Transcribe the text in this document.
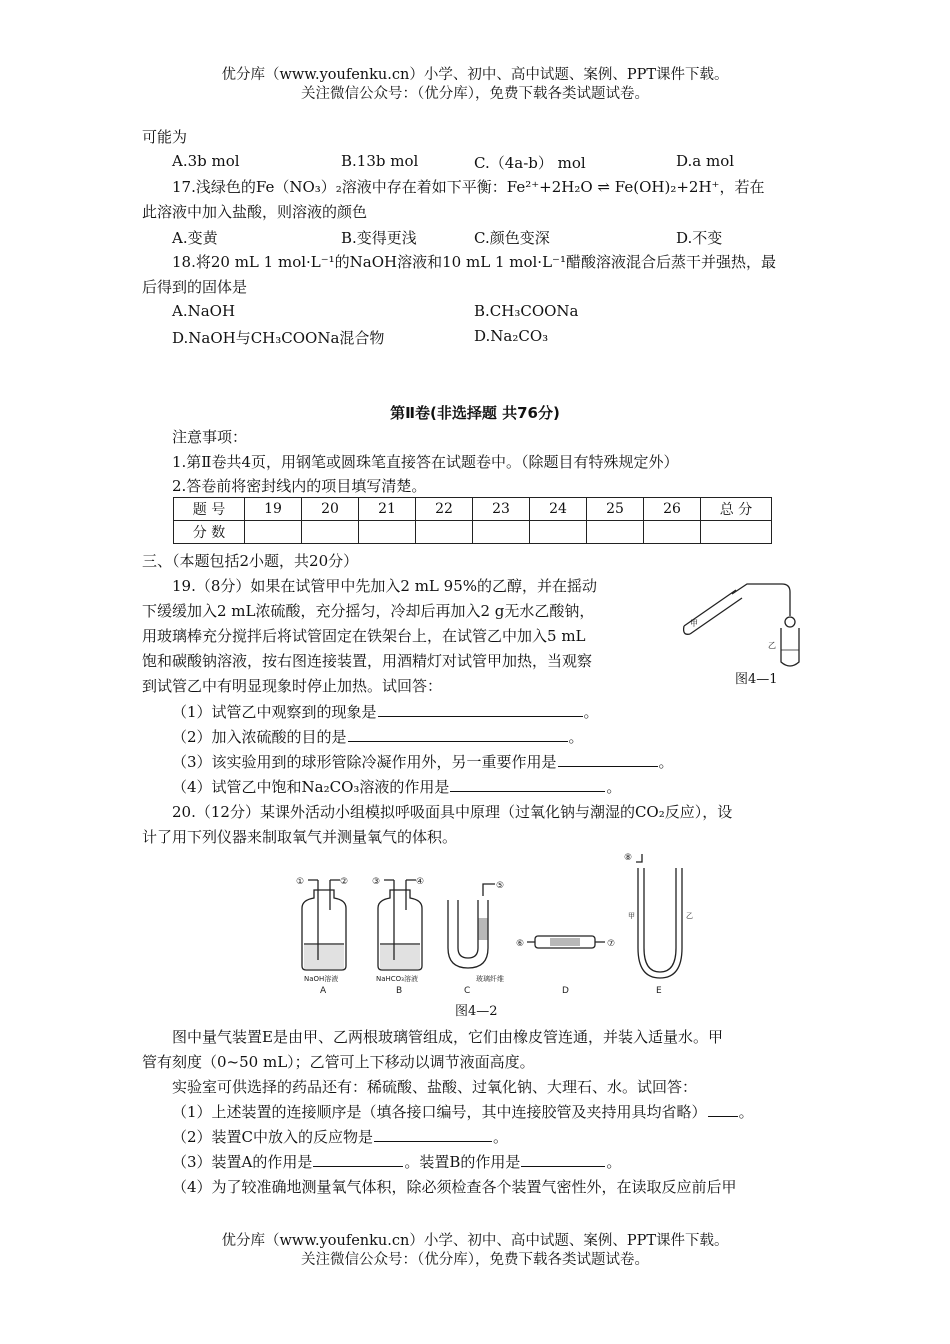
优分库（www.youfenku.cn）小学、初中、高中试题、案例、PPT课件下载。
关注微信公众号：（优分库），免费下载各类试题试卷。
可能为
A.3b mol	B.13b mol	C.（4a-b） mol	D.a mol
17.浅绿色的Fe（NO₃）₂溶液中存在着如下平衡：Fe²⁺+2H₂O ⇌ Fe(OH)₂+2H⁺，若在
此溶液中加入盐酸，则溶液的颜色
A.变黄	B.变得更浅	C.颜色变深	D.不变
18.将20 mL 1 mol·L⁻¹的NaOH溶液和10 mL 1 mol·L⁻¹醋酸溶液混合后蒸干并强热，最
后得到的固体是
A.NaOH	B.CH₃COONa
D.NaOH与CH₃COONa混合物	D.Na₂CO₃
第Ⅱ卷(非选择题 共76分)
注意事项：
1.第Ⅱ卷共4页，用钢笔或圆珠笔直接答在试题卷中。（除题目有特殊规定外）
2.答卷前将密封线内的项目填写清楚。
题 号	19	20	21	22	23	24	25	26	总 分
分 数									
三、（本题包括2小题，共20分）
19.（8分）如果在试管甲中先加入2 mL 95%的乙醇，并在摇动
下缓缓加入2 mL浓硫酸，充分摇匀，冷却后再加入2 g无水乙酸钠，
用玻璃棒充分搅拌后将试管固定在铁架台上，在试管乙中加入5 mL
饱和碳酸钠溶液，按右图连接装置，用酒精灯对试管甲加热，当观察
到试管乙中有明显现象时停止加热。试回答：
甲
乙
图4—1
（1）试管乙中观察到的现象是	。
（2）加入浓硫酸的目的是	。
（3）该实验用到的球形管除冷凝作用外，另一重要作用是	。
（4）试管乙中饱和Na₂CO₃溶液的作用是	。
20.（12分）某课外活动小组模拟呼吸面具中原理（过氧化钠与潮湿的CO₂反应），设
计了用下列仪器来制取氧气并测量氧气的体积。
①	②	③	④	⑤
⑥	⑦
⑧
NaOH溶液	NaHCO₃溶液	玻璃纤维
甲	乙
A	B	C	D	E
图4—2
图中量气装置E是由甲、乙两根玻璃管组成，它们由橡皮管连通，并装入适量水。甲
管有刻度（0~50 mL）；乙管可上下移动以调节液面高度。
实验室可供选择的药品还有：稀硫酸、盐酸、过氧化钠、大理石、水。试回答：
（1）上述装置的连接顺序是（填各接口编号，其中连接胶管及夹持用具均省略） 。
（2）装置C中放入的反应物是	。
（3）装置A的作用是	。装置B的作用是	。
（4）为了较准确地测量氧气体积，除必须检查各个装置气密性外，在读取反应前后甲
优分库（www.youfenku.cn）小学、初中、高中试题、案例、PPT课件下载。
关注微信公众号：（优分库），免费下载各类试题试卷。
